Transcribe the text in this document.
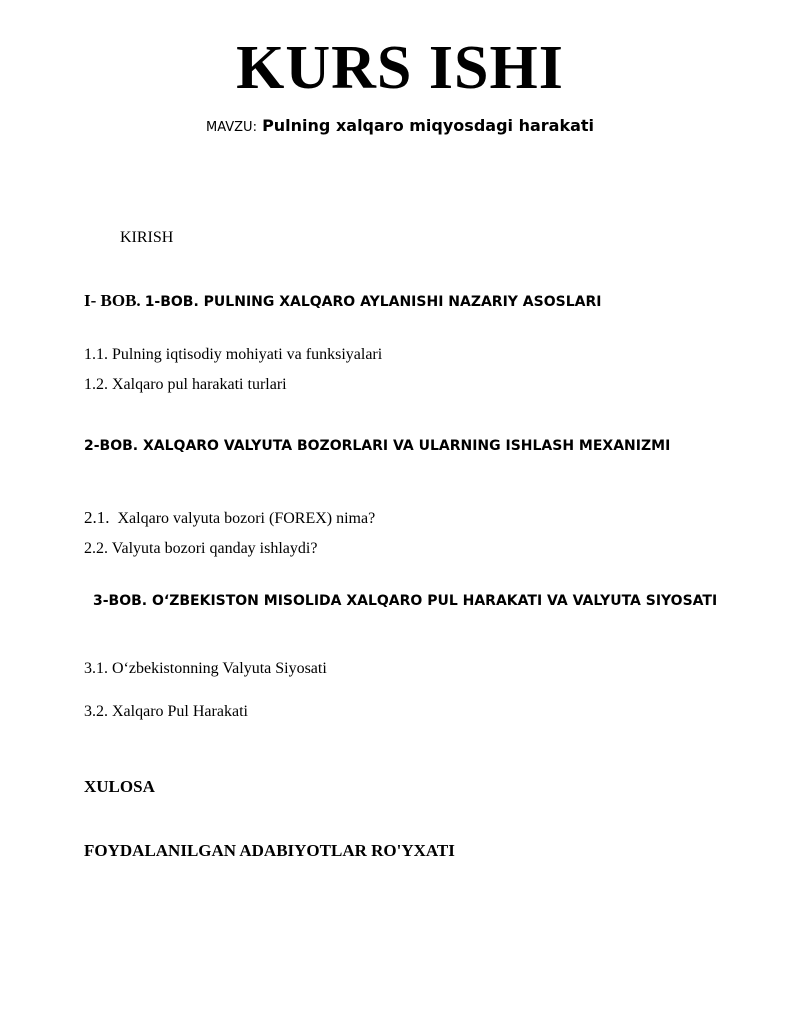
KURS ISHI
MAVZU: Pulning xalqaro miqyosdagi harakati
KIRISH
I- BOB. 1-BOB. PULNING XALQARO AYLANISHI NAZARIY ASOSLARI
1.1. Pulning iqtisodiy mohiyati va funksiyalari
1.2. Xalqaro pul harakati turlari
2-BOB. XALQARO VALYUTA BOZORLARI VA ULARNING ISHLASH MEXANIZMI
2.1. Xalqaro valyuta bozori (FOREX) nima?
2.2. Valyuta bozori qanday ishlaydi?
3-BOB. O‘ZBEKISTON MISOLIDA XALQARO PUL HARAKATI VA VALYUTA SIYOSATI
3.1. O‘zbekistonning Valyuta Siyosati
3.2. Xalqaro Pul Harakati
XULOSA
FOYDALANILGAN ADABIYOTLAR RO'YXATI
